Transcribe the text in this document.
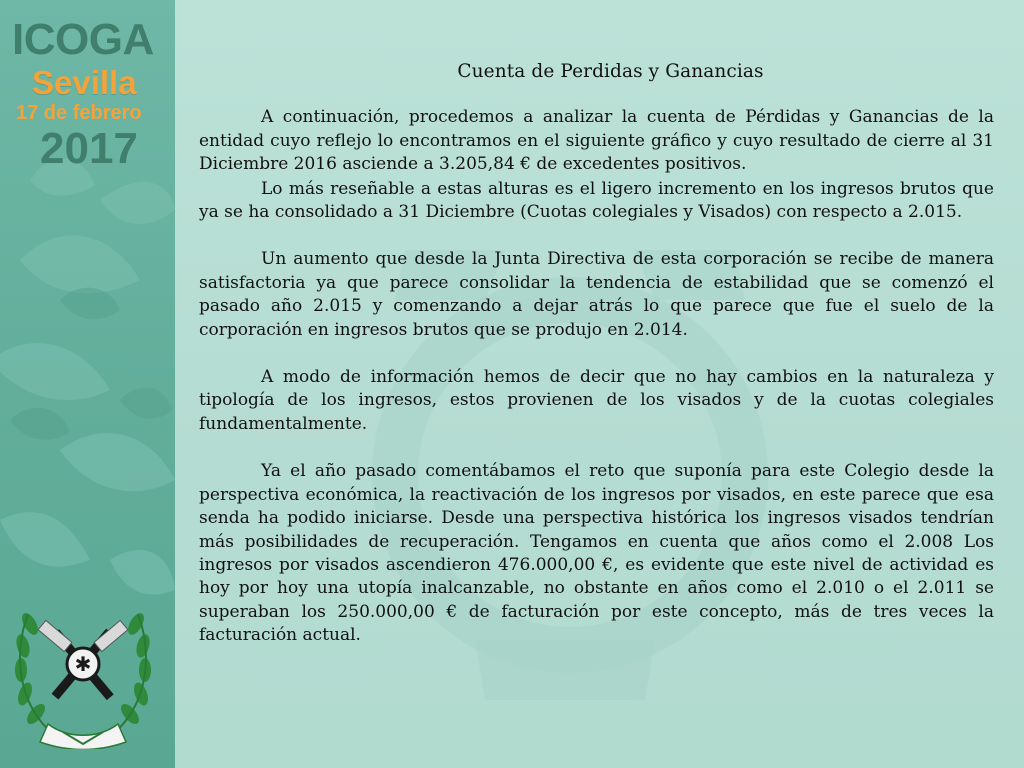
ICOGA
Sevilla
17 de febrero
2017
✱
Cuenta de Perdidas y Ganancias

A continuación, procedemos a analizar la cuenta de Pérdidas y Ganancias de la entidad cuyo reflejo lo encontramos en el siguiente gráfico y cuyo resultado de cierre al 31 Diciembre 2016 asciende a 3.205,84 € de excedentes positivos.

Lo más reseñable a estas alturas es el ligero incremento en los ingresos brutos que ya se ha consolidado a 31 Diciembre (Cuotas colegiales y Visados) con respecto a 2.015.

Un aumento que desde la Junta Directiva de esta corporación se recibe de manera satisfactoria ya que parece consolidar la tendencia de estabilidad que se comenzó el pasado año 2.015 y comenzando a dejar atrás lo que parece que fue el suelo de la corporación en ingresos brutos que se produjo en 2.014.

A modo de información hemos de decir que no hay cambios en la naturaleza y tipología de los ingresos, estos provienen de los visados y de la cuotas colegiales fundamentalmente.

Ya el año pasado comentábamos el reto que suponía para este Colegio desde la perspectiva económica, la reactivación de los ingresos por visados, en este parece que esa senda ha podido iniciarse. Desde una perspectiva histórica los ingresos visados tendrían más posibilidades de recuperación. Tengamos en cuenta que años como el 2.008 Los ingresos por visados ascendieron 476.000,00 €, es evidente que este nivel de actividad es hoy por hoy una utopía inalcanzable, no obstante en años como el 2.010 o el 2.011 se superaban los 250.000,00 € de facturación por este concepto, más de tres veces la facturación actual.
